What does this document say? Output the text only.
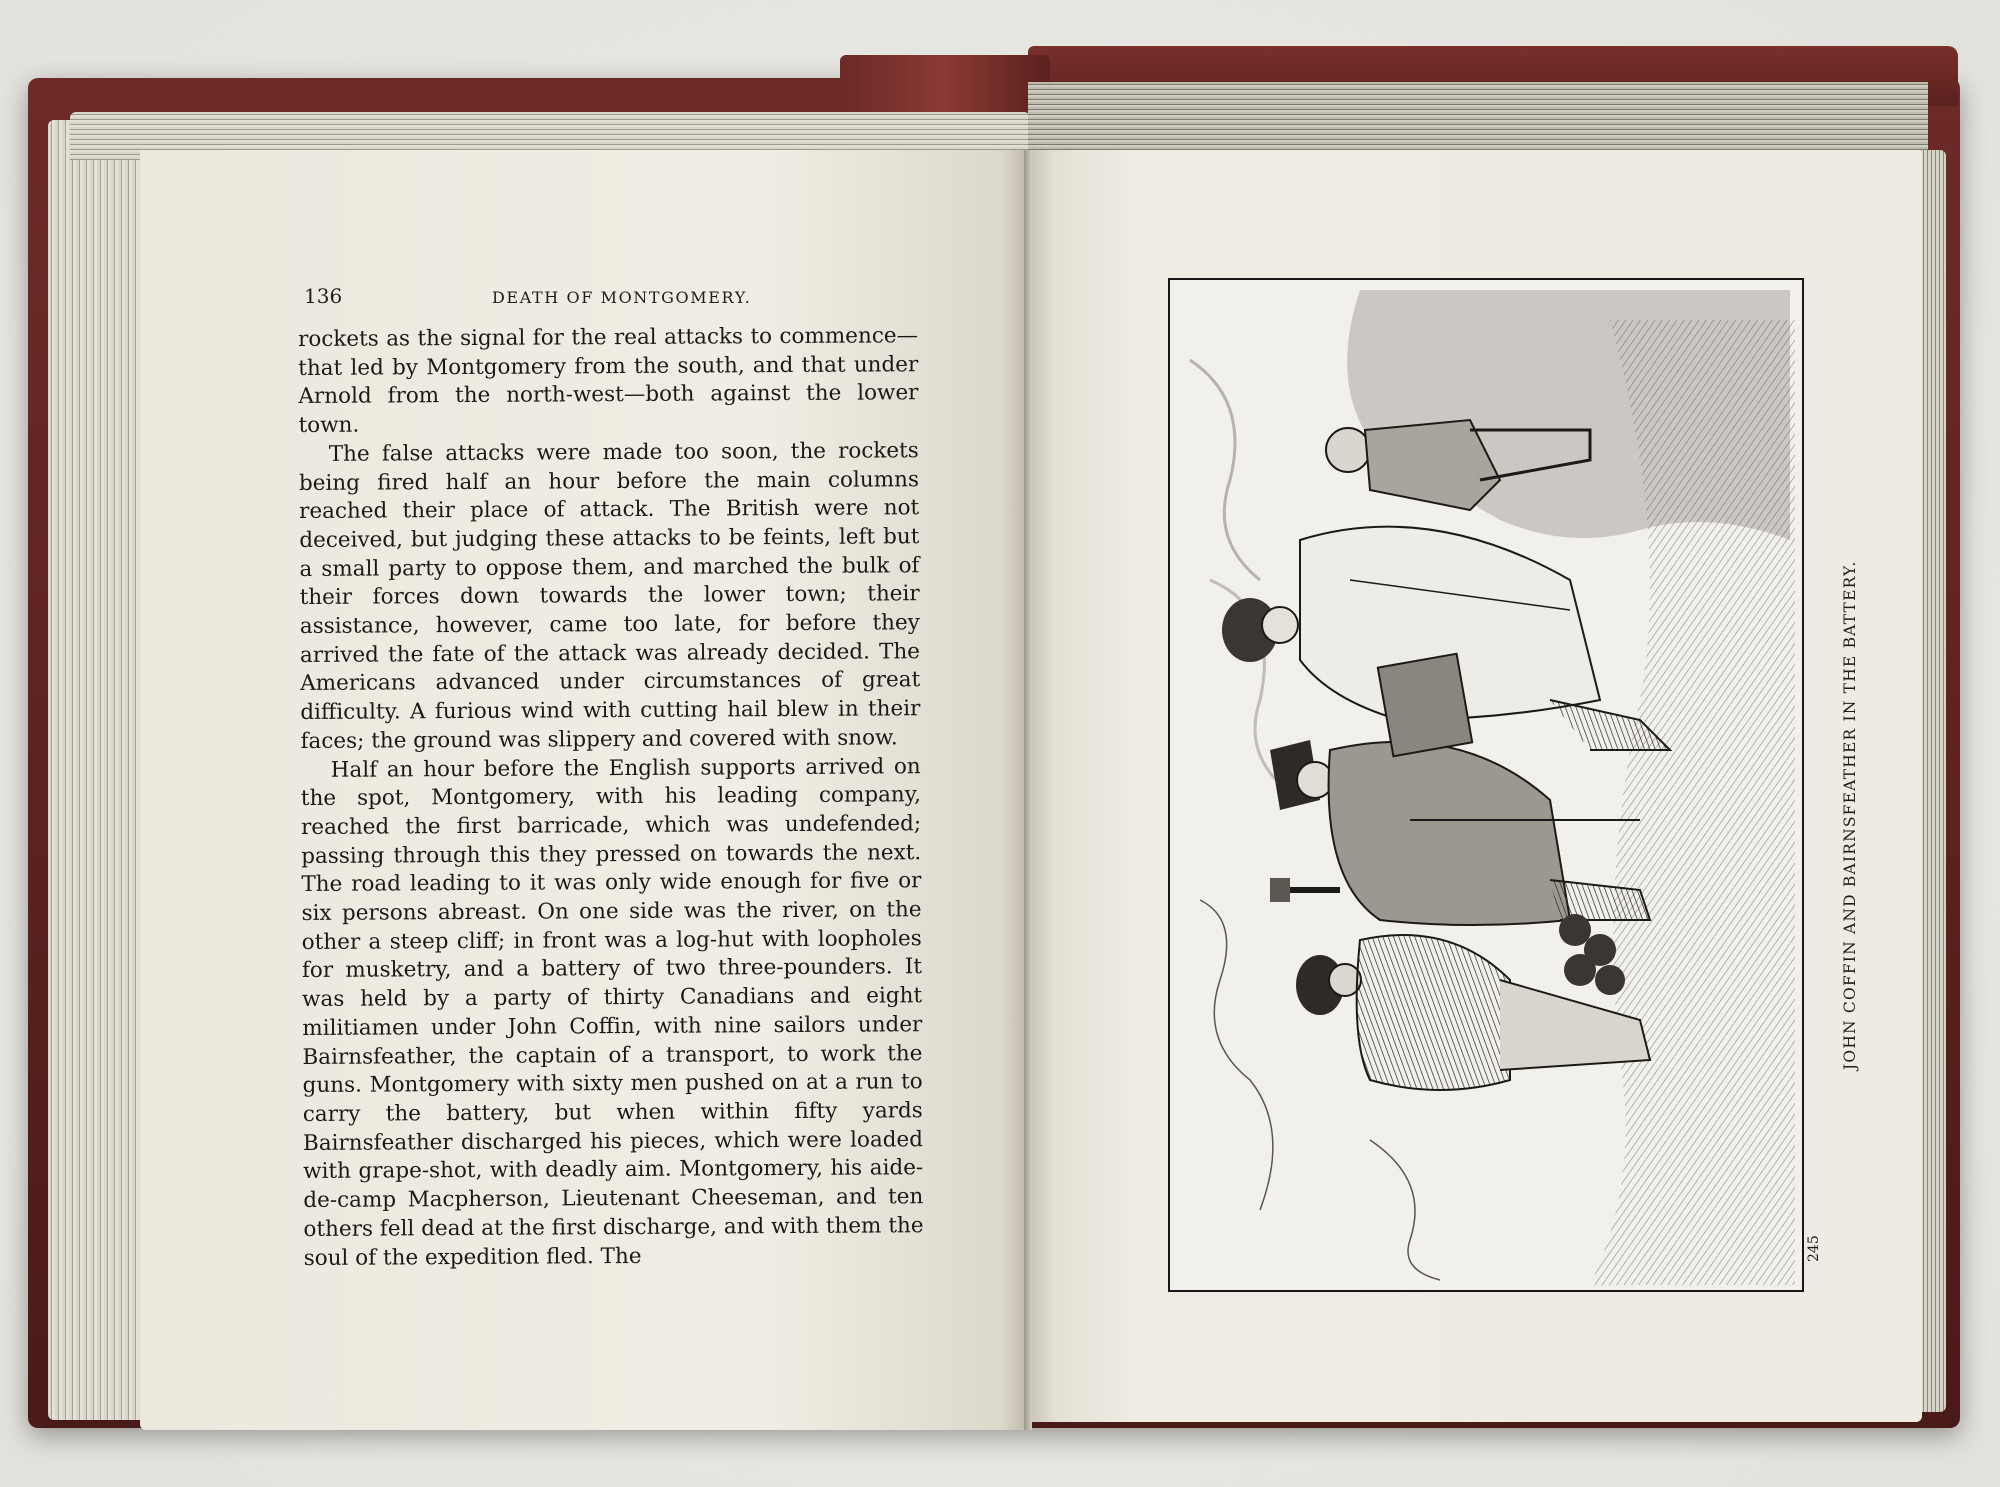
136	DEATH OF MONTGOMERY.

rockets as the signal for the real attacks to commence—that led by Montgomery from the south, and that under Arnold from the north-west—both against the lower town.

The false attacks were made too soon, the rockets being fired half an hour before the main columns reached their place of attack. The British were not deceived, but judging these attacks to be feints, left but a small party to oppose them, and marched the bulk of their forces down towards the lower town; their assistance, however, came too late, for before they arrived the fate of the attack was already decided. The Americans advanced under circumstances of great difficulty. A furious wind with cutting hail blew in their faces; the ground was slippery and covered with snow.

Half an hour before the English supports arrived on the spot, Montgomery, with his leading company, reached the first barricade, which was undefended; passing through this they pressed on towards the next. The road leading to it was only wide enough for five or six persons abreast. On one side was the river, on the other a steep cliff; in front was a log-hut with loopholes for musketry, and a battery of two three-pounders. It was held by a party of thirty Canadians and eight militiamen under John Coffin, with nine sailors under Bairnsfeather, the captain of a transport, to work the guns. Montgomery with sixty men pushed on at a run to carry the battery, but when within fifty yards Bairnsfeather discharged his pieces, which were loaded with grape-shot, with deadly aim. Montgomery, his aide-de-camp Macpherson, Lieutenant Cheeseman, and ten others fell dead at the first discharge, and with them the soul of the expedition fled. The

JOHN COFFIN AND BAIRNSFEATHER IN THE BATTERY.
245
